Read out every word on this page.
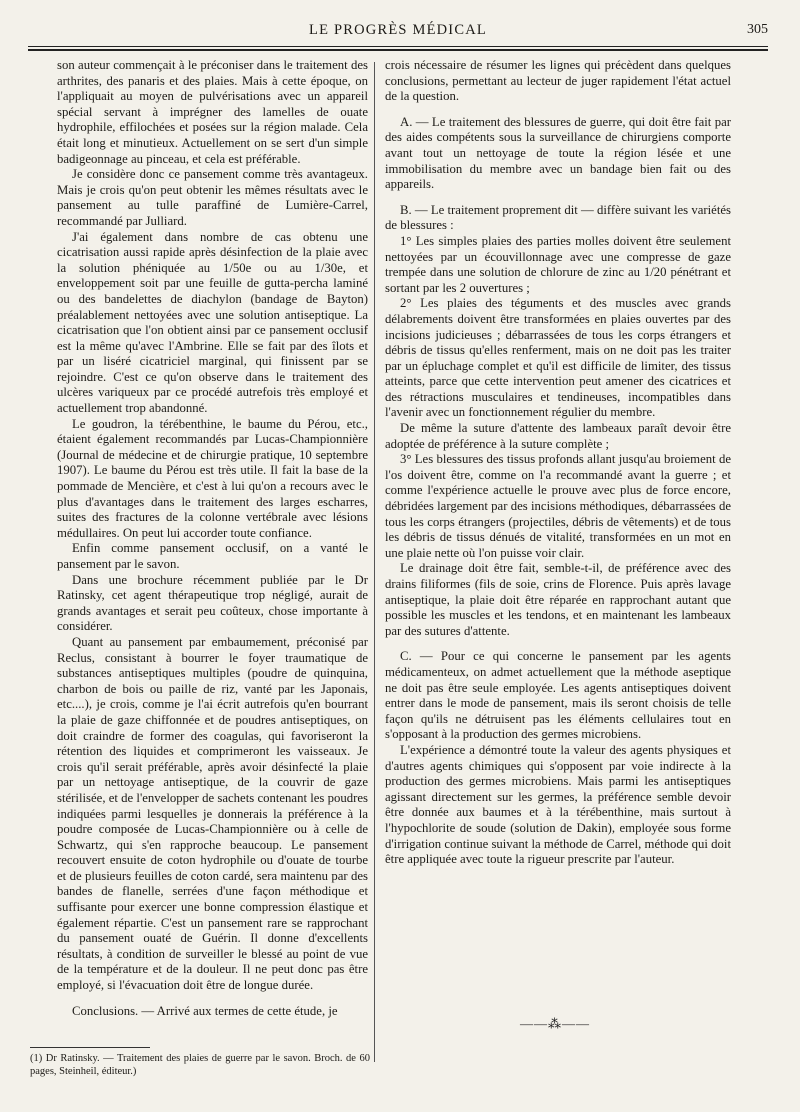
LE PROGRÈS MÉDICAL	305

son auteur commençait à le préconiser dans le traitement des arthrites, des panaris et des plaies. Mais à cette époque, on l'appliquait au moyen de pulvérisations avec un appareil spécial servant à imprégner des lamelles de ouate hydrophile, effilochées et posées sur la région malade. Cela était long et minutieux. Actuellement on se sert d'un simple badigeonnage au pinceau, et cela est préférable.

Je considère donc ce pansement comme très avantageux. Mais je crois qu'on peut obtenir les mêmes résultats avec le pansement au tulle paraffiné de Lumière-Carrel, recommandé par Julliard.

J'ai également dans nombre de cas obtenu une cicatrisation aussi rapide après désinfection de la plaie avec la solution phéniquée au 1/50e ou au 1/30e, et enveloppement soit par une feuille de gutta-percha laminé ou des bandelettes de diachylon (bandage de Bayton) préalablement nettoyées avec une solution antiseptique. La cicatrisation que l'on obtient ainsi par ce pansement occlusif est la même qu'avec l'Ambrine. Elle se fait par des îlots et par un liséré cicatriciel marginal, qui finissent par se rejoindre. C'est ce qu'on observe dans le traitement des ulcères variqueux par ce procédé autrefois très employé et actuellement trop abandonné.

Le goudron, la térébenthine, le baume du Pérou, etc., étaient également recommandés par Lucas-Championnière (Journal de médecine et de chirurgie pratique, 10 septembre 1907). Le baume du Pérou est très utile. Il fait la base de la pommade de Mencière, et c'est à lui qu'on a recours avec le plus d'avantages dans le traitement des larges escharres, suites des fractures de la colonne vertébrale avec lésions médullaires. On peut lui accorder toute confiance.

Enfin comme pansement occlusif, on a vanté le pansement par le savon.

Dans une brochure récemment publiée par le Dr Ratinsky, cet agent thérapeutique trop négligé, aurait de grands avantages et serait peu coûteux, chose importante à considérer.

Quant au pansement par embaumement, préconisé par Reclus, consistant à bourrer le foyer traumatique de substances antiseptiques multiples (poudre de quinquina, charbon de bois ou paille de riz, vanté par les Japonais, etc....), je crois, comme je l'ai écrit autrefois qu'en bourrant la plaie de gaze chiffonnée et de poudres antiseptiques, on doit craindre de former des coagulas, qui favoriseront la rétention des liquides et comprimeront les vaisseaux. Je crois qu'il serait préférable, après avoir désinfecté la plaie par un nettoyage antiseptique, de la couvrir de gaze stérilisée, et de l'envelopper de sachets contenant les poudres indiquées parmi lesquelles je donnerais la préférence à la poudre composée de Lucas-Championnière ou à celle de Schwartz, qui s'en rapproche beaucoup. Le pansement recouvert ensuite de coton hydrophile ou d'ouate de tourbe et de plusieurs feuilles de coton cardé, sera maintenu par des bandes de flanelle, serrées d'une façon méthodique et suffisante pour exercer une bonne compression élastique et également répartie. C'est un pansement rare se rapprochant du pansement ouaté de Guérin. Il donne d'excellents résultats, à condition de surveiller le blessé au point de vue de la température et de la douleur. Il ne peut donc pas être employé, si l'évacuation doit être de longue durée.

Conclusions. — Arrivé aux termes de cette étude, je

crois nécessaire de résumer les lignes qui précèdent dans quelques conclusions, permettant au lecteur de juger rapidement l'état actuel de la question.

A. — Le traitement des blessures de guerre, qui doit être fait par des aides compétents sous la surveillance de chirurgiens comporte avant tout un nettoyage de toute la région lésée et une immobilisation du membre avec un bandage bien fait ou des appareils.

B. — Le traitement proprement dit — diffère suivant les variétés de blessures :

1° Les simples plaies des parties molles doivent être seulement nettoyées par un écouvillonnage avec une compresse de gaze trempée dans une solution de chlorure de zinc au 1/20 pénétrant et sortant par les 2 ouvertures ;

2° Les plaies des téguments et des muscles avec grands délabrements doivent être transformées en plaies ouvertes par des incisions judicieuses ; débarrassées de tous les corps étrangers et débris de tissus qu'elles renferment, mais on ne doit pas les traiter par un épluchage complet et qu'il est difficile de limiter, des tissus atteints, parce que cette intervention peut amener des cicatrices et des rétractions musculaires et tendineuses, incompatibles dans l'avenir avec un fonctionnement régulier du membre.

De même la suture d'attente des lambeaux paraît devoir être adoptée de préférence à la suture complète ;

3° Les blessures des tissus profonds allant jusqu'au broiement de l'os doivent être, comme on l'a recommandé avant la guerre ; et comme l'expérience actuelle le prouve avec plus de force encore, débridées largement par des incisions méthodiques, débarrassées de tous les corps étrangers (projectiles, débris de vêtements) et de tous les débris de tissus dénués de vitalité, transformées en un mot en une plaie nette où l'on puisse voir clair.

Le drainage doit être fait, semble-t-il, de préférence avec des drains filiformes (fils de soie, crins de Florence. Puis après lavage antiseptique, la plaie doit être réparée en rapprochant autant que possible les muscles et les tendons, et en maintenant les lambeaux par des sutures d'attente.

C. — Pour ce qui concerne le pansement par les agents médicamenteux, on admet actuellement que la méthode aseptique ne doit pas être seule employée. Les agents antiseptiques doivent entrer dans le mode de pansement, mais ils seront choisis de telle façon qu'ils ne détruisent pas les éléments cellulaires tout en s'opposant à la production des germes microbiens.

L'expérience a démontré toute la valeur des agents physiques et d'autres agents chimiques qui s'opposent par voie indirecte à la production des germes microbiens. Mais parmi les antiseptiques agissant directement sur les germes, la préférence semble devoir être donnée aux baumes et à la térébenthine, mais surtout à l'hypochlorite de soude (solution de Dakin), employée sous forme d'irrigation continue suivant la méthode de Carrel, méthode qui doit être appliquée avec toute la rigueur prescrite par l'auteur.

——⁂——
(1) Dr Ratinsky. — Traitement des plaies de guerre par le savon. Broch. de 60 pages, Steinheil, éditeur.)
